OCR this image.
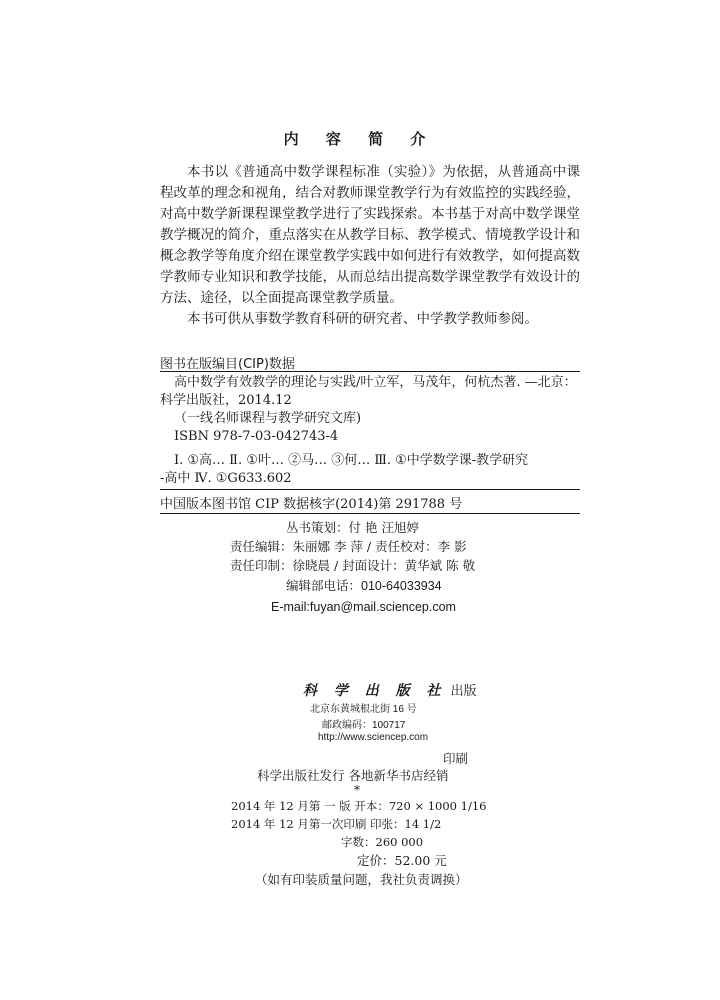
内 容 简 介

本书以《普通高中数学课程标准（实验）》为依据，从普通高中课程改革的理念和视角，结合对教师课堂教学行为有效监控的实践经验，对高中数学新课程课堂教学进行了实践探索。本书基于对高中数学课堂教学概况的简介，重点落实在从教学目标、教学模式、情境教学设计和概念教学等角度介绍在课堂教学实践中如何进行有效教学，如何提高数学教师专业知识和教学技能，从而总结出提高数学课堂教学有效设计的方法、途径，以全面提高课堂教学质量。

本书可供从事数学教育科研的研究者、中学教学教师参阅。

图书在版编目(CIP)数据
高中数学有效教学的理论与实践/叶立军，马茂年，何杭杰著. —北京：
科学出版社，2014.12
（一线名师课程与教学研究文库)
ISBN 978-7-03-042743-4
Ⅰ. ①高… Ⅱ. ①叶… ②马… ③何… Ⅲ. ①中学数学课-教学研究
-高中 Ⅳ. ①G633.602
中国版本图书馆 CIP 数据核字(2014)第 291788 号
丛书策划：付 艳 汪旭婷
责任编辑：朱丽娜 李 萍 / 责任校对：李 影
责任印制：徐晓晨 / 封面设计：黄华斌 陈 敬
编辑部电话：010-64033934
E-mail:fuyan@mail.sciencep.com
科 学 出 版 社 出版
北京东黄城根北街 16 号
邮政编码：100717
http://www.sciencep.com
印刷
科学出版社发行 各地新华书店经销
*
2014 年 12 月第 一 版 开本：720 × 1000 1/16
2014 年 12 月第一次印刷 印张：14 1/2
字数：260 000
定价：52.00 元
（如有印装质量问题，我社负责调换）
